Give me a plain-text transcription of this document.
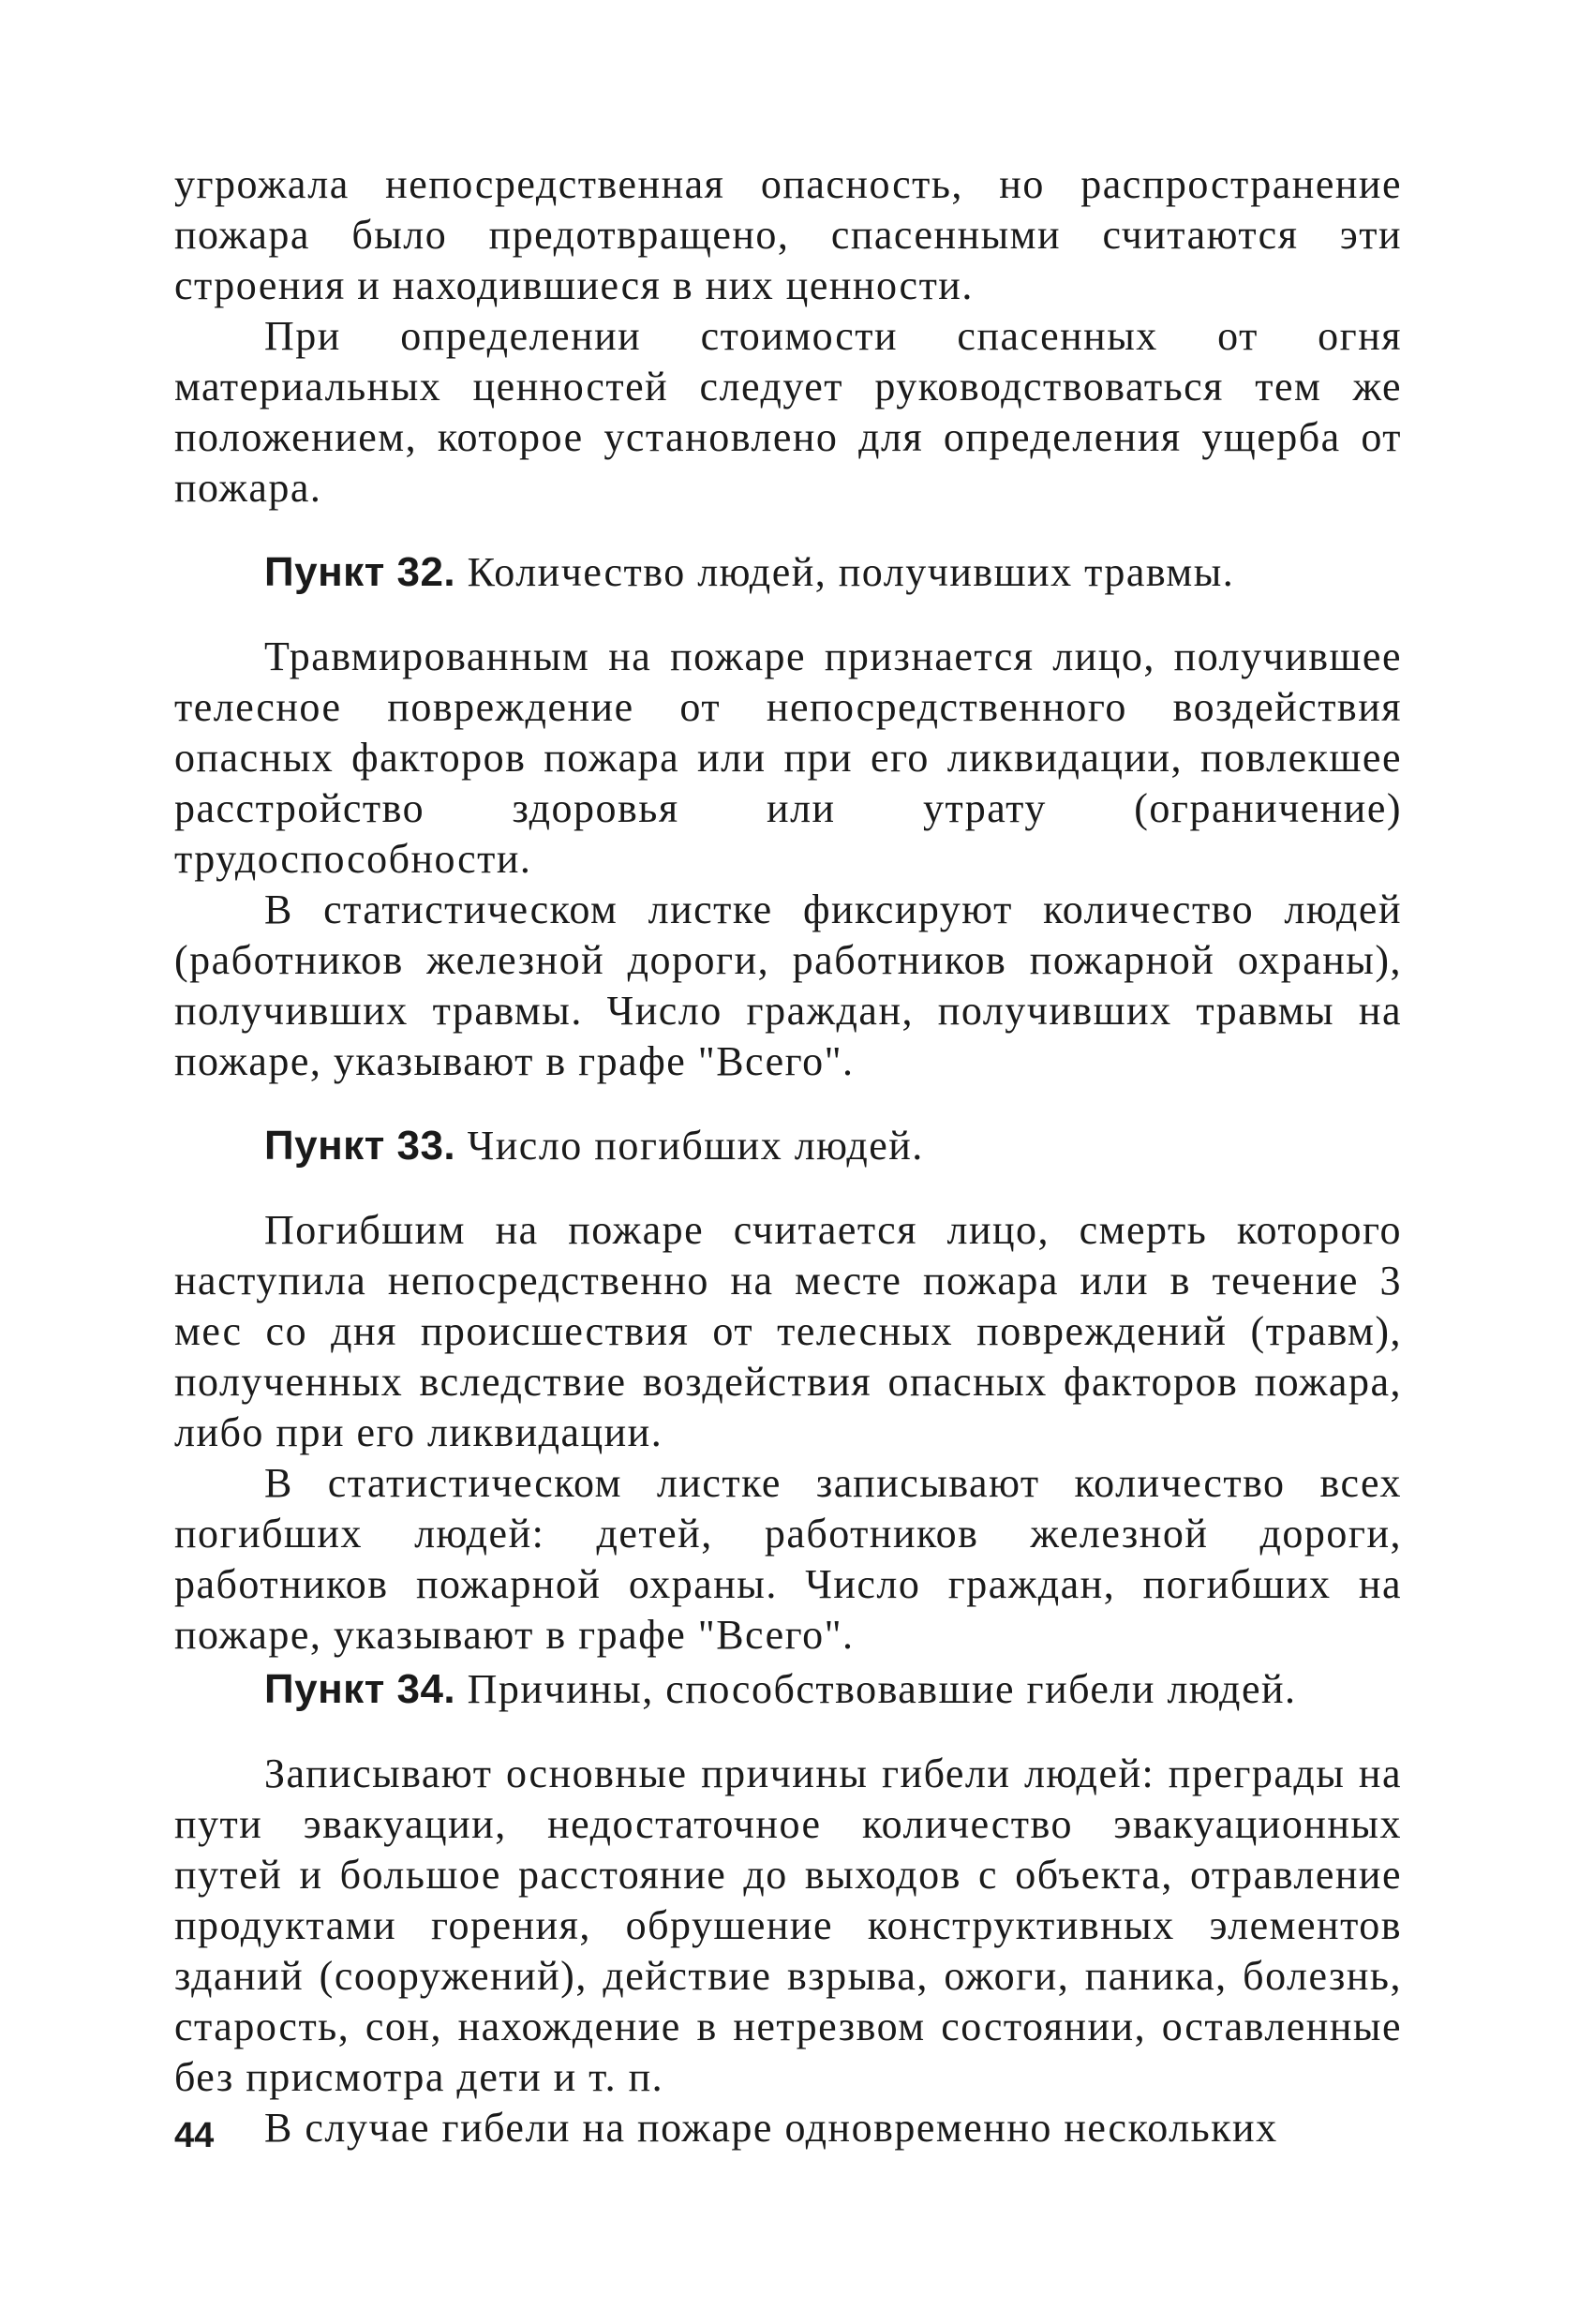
угрожала непосредственная опасность, но распространение пожара было предотвращено, спасенными считаются эти строения и находившиеся в них ценности.

При определении стоимости спасенных от огня материальных ценностей следует руководствоваться тем же положением, которое установлено для определения ущерба от пожара.

Пункт 32. Количество людей, получивших травмы.

Травмированным на пожаре признается лицо, получившее телесное повреждение от непосредственного воздействия опасных факторов пожара или при его ликвидации, повлекшее расстройство здоровья или утрату (ограничение) трудоспособности.

В статистическом листке фиксируют количество людей (работников железной дороги, работников пожарной охраны), получивших травмы. Число граждан, получивших травмы на пожаре, указывают в графе "Всего".

Пункт 33. Число погибших людей.

Погибшим на пожаре считается лицо, смерть которого наступила непосредственно на месте пожара или в течение 3 мес со дня происшествия от телесных повреждений (травм), полученных вследствие воздействия опасных факторов пожара, либо при его ликвидации.

В статистическом листке записывают количество всех погибших людей: детей, работников железной дороги, работников пожарной охраны. Число граждан, погибших на пожаре, указывают в графе "Всего".

Пункт 34. Причины, способствовавшие гибели людей.

Записывают основные причины гибели людей: преграды на пути эвакуации, недостаточное количество эвакуационных путей и большое расстояние до выходов с объекта, отравление продуктами горения, обрушение конструктивных элементов зданий (сооружений), действие взрыва, ожоги, паника, болезнь, старость, сон, нахождение в нетрезвом состоянии, оставленные без присмотра дети и т. п.

В случае гибели на пожаре одновременно нескольких

44
